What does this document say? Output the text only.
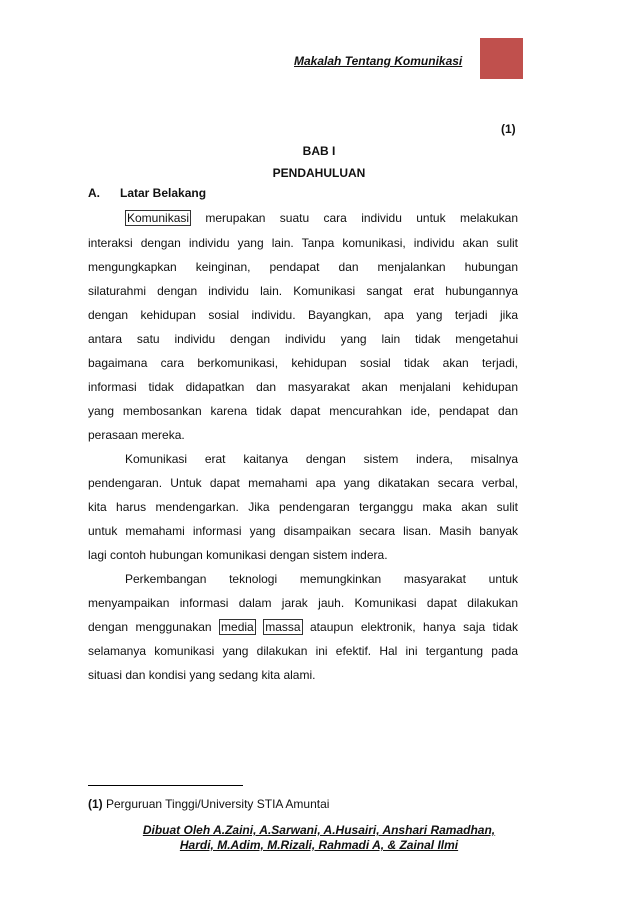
Makalah Tentang Komunikasi
(1)
BAB I
PENDAHULUAN
A. Latar Belakang
Komunikasi merupakan suatu cara individu untuk melakukan
interaksi dengan individu yang lain. Tanpa komunikasi, individu akan sulit
mengungkapkan keinginan, pendapat dan menjalankan hubungan
silaturahmi dengan individu lain. Komunikasi sangat erat hubungannya
dengan kehidupan sosial individu. Bayangkan, apa yang terjadi jika
antara satu individu dengan individu yang lain tidak mengetahui
bagaimana cara berkomunikasi, kehidupan sosial tidak akan terjadi,
informasi tidak didapatkan dan masyarakat akan menjalani kehidupan
yang membosankan karena tidak dapat mencurahkan ide, pendapat dan
perasaan mereka.
Komunikasi erat kaitanya dengan sistem indera, misalnya
pendengaran. Untuk dapat memahami apa yang dikatakan secara verbal,
kita harus mendengarkan. Jika pendengaran terganggu maka akan sulit
untuk memahami informasi yang disampaikan secara lisan. Masih banyak
lagi contoh hubungan komunikasi dengan sistem indera.
Perkembangan teknologi memungkinkan masyarakat untuk
menyampaikan informasi dalam jarak jauh. Komunikasi dapat dilakukan
dengan menggunakan media massa ataupun elektronik, hanya saja tidak
selamanya komunikasi yang dilakukan ini efektif. Hal ini tergantung pada
situasi dan kondisi yang sedang kita alami.
(1) Perguruan Tinggi/University STIA Amuntai
Dibuat Oleh A.Zaini, A.Sarwani, A.Husairi, Anshari Ramadhan,
Hardi, M.Adim, M.Rizali, Rahmadi A, & Zainal Ilmi
